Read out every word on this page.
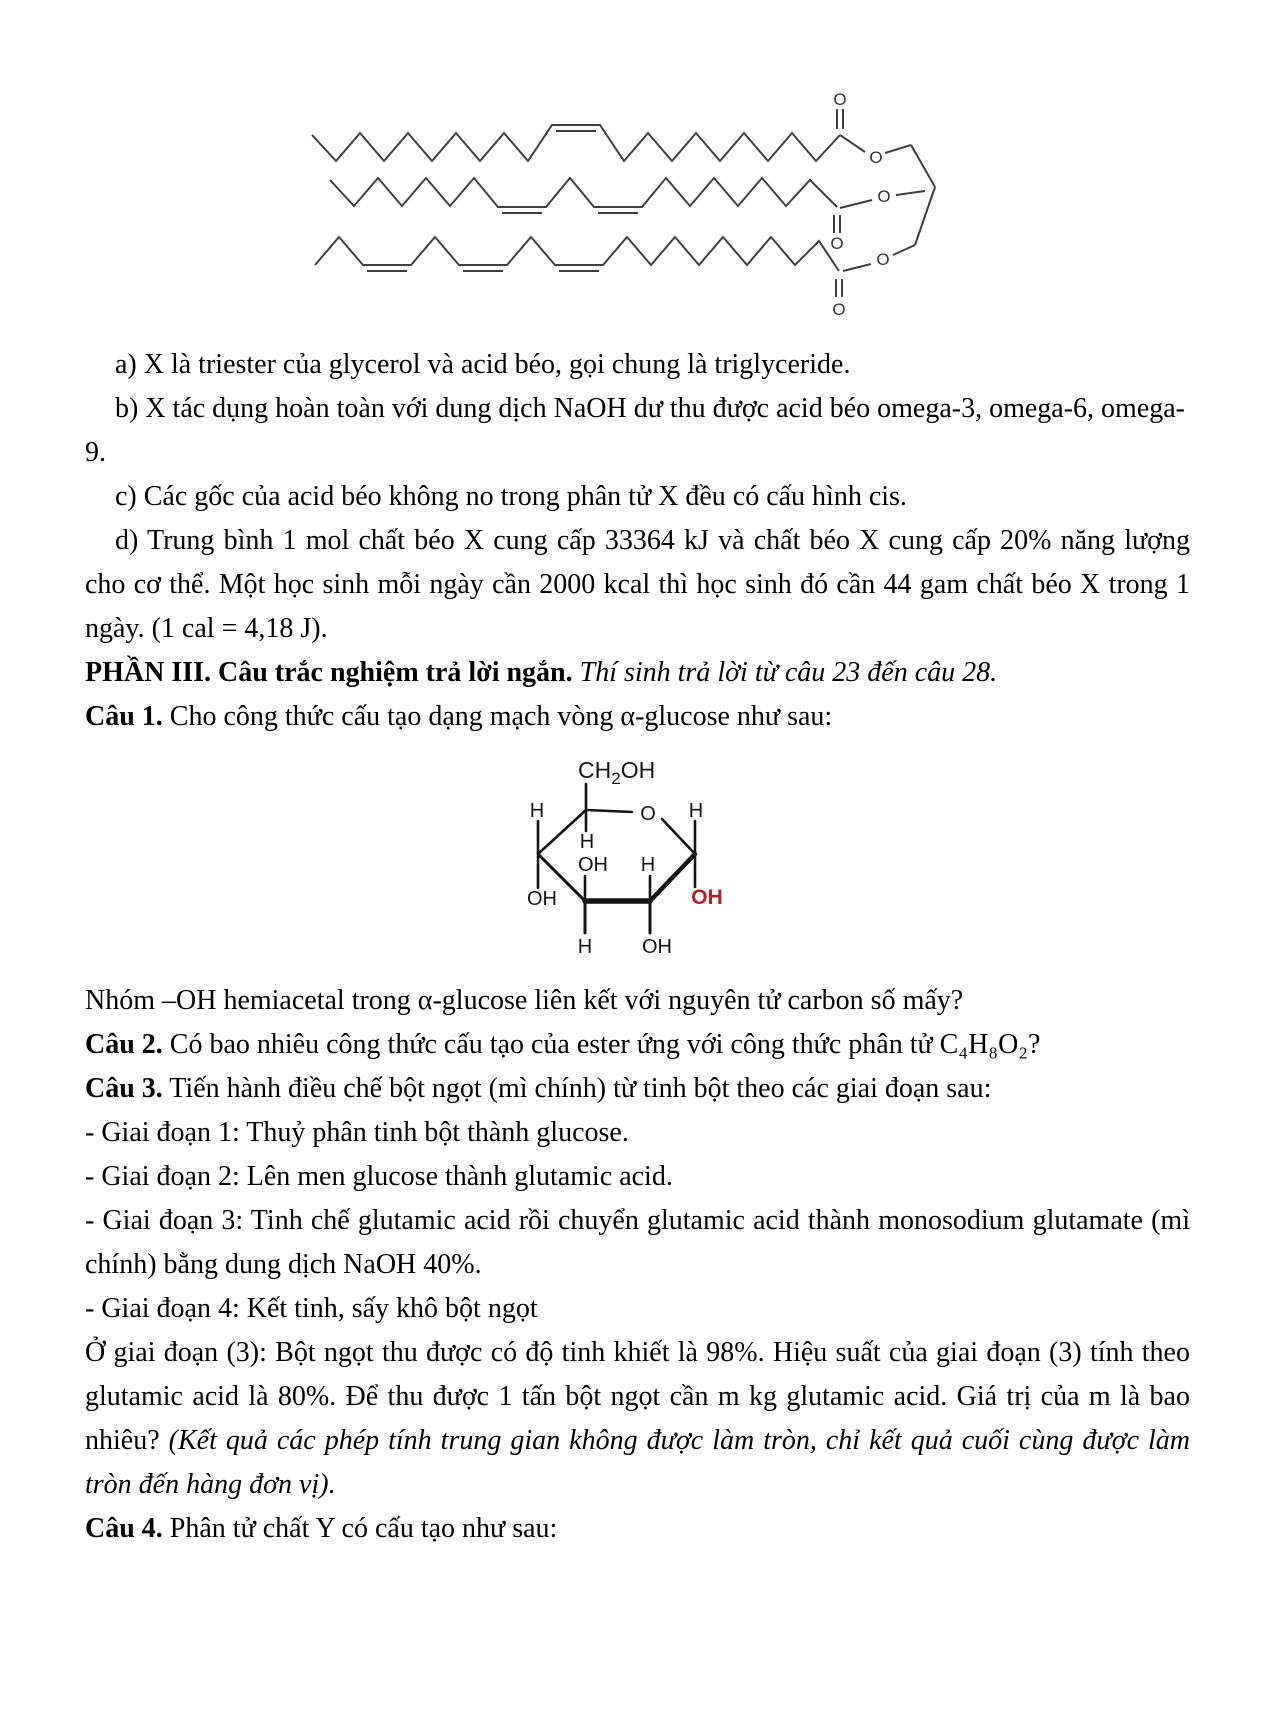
O
O
O
O
O
O

a) X là triester của glycerol và acid béo, gọi chung là triglyceride.

b) X tác dụng hoàn toàn với dung dịch NaOH dư thu được acid béo omega-3, omega-6, omega-9.

c) Các gốc của acid béo không no trong phân tử X đều có cấu hình cis.

d) Trung bình 1 mol chất béo X cung cấp 33364 kJ và chất béo X cung cấp 20% năng lượng cho cơ thể. Một học sinh mỗi ngày cần 2000 kcal thì học sinh đó cần 44 gam chất béo X trong 1 ngày. (1 cal = 4,18 J).

PHẦN III. Câu trắc nghiệm trả lời ngắn. Thí sinh trả lời từ câu 23 đến câu 28.

Câu 1. Cho công thức cấu tạo dạng mạch vòng α-glucose như sau:

$CH_2OH$
O
H	H
H
OH H
OH	OH
H OH

Nhóm –OH hemiacetal trong α-glucose liên kết với nguyên tử carbon số mấy?

Câu 2. Có bao nhiêu công thức cấu tạo của ester ứng với công thức phân tử C₄H₈O₂?

Câu 3. Tiến hành điều chế bột ngọt (mì chính) từ tinh bột theo các giai đoạn sau:

- Giai đoạn 1: Thuỷ phân tinh bột thành glucose.

- Giai đoạn 2: Lên men glucose thành glutamic acid.

- Giai đoạn 3: Tinh chế glutamic acid rồi chuyển glutamic acid thành monosodium glutamate (mì chính) bằng dung dịch NaOH 40%.

- Giai đoạn 4: Kết tinh, sấy khô bột ngọt

Ở giai đoạn (3): Bột ngọt thu được có độ tinh khiết là 98%. Hiệu suất của giai đoạn (3) tính theo glutamic acid là 80%. Để thu được 1 tấn bột ngọt cần m kg glutamic acid. Giá trị của m là bao nhiêu? (Kết quả các phép tính trung gian không được làm tròn, chỉ kết quả cuối cùng được làm tròn đến hàng đơn vị).

Câu 4. Phân tử chất Y có cấu tạo như sau:
